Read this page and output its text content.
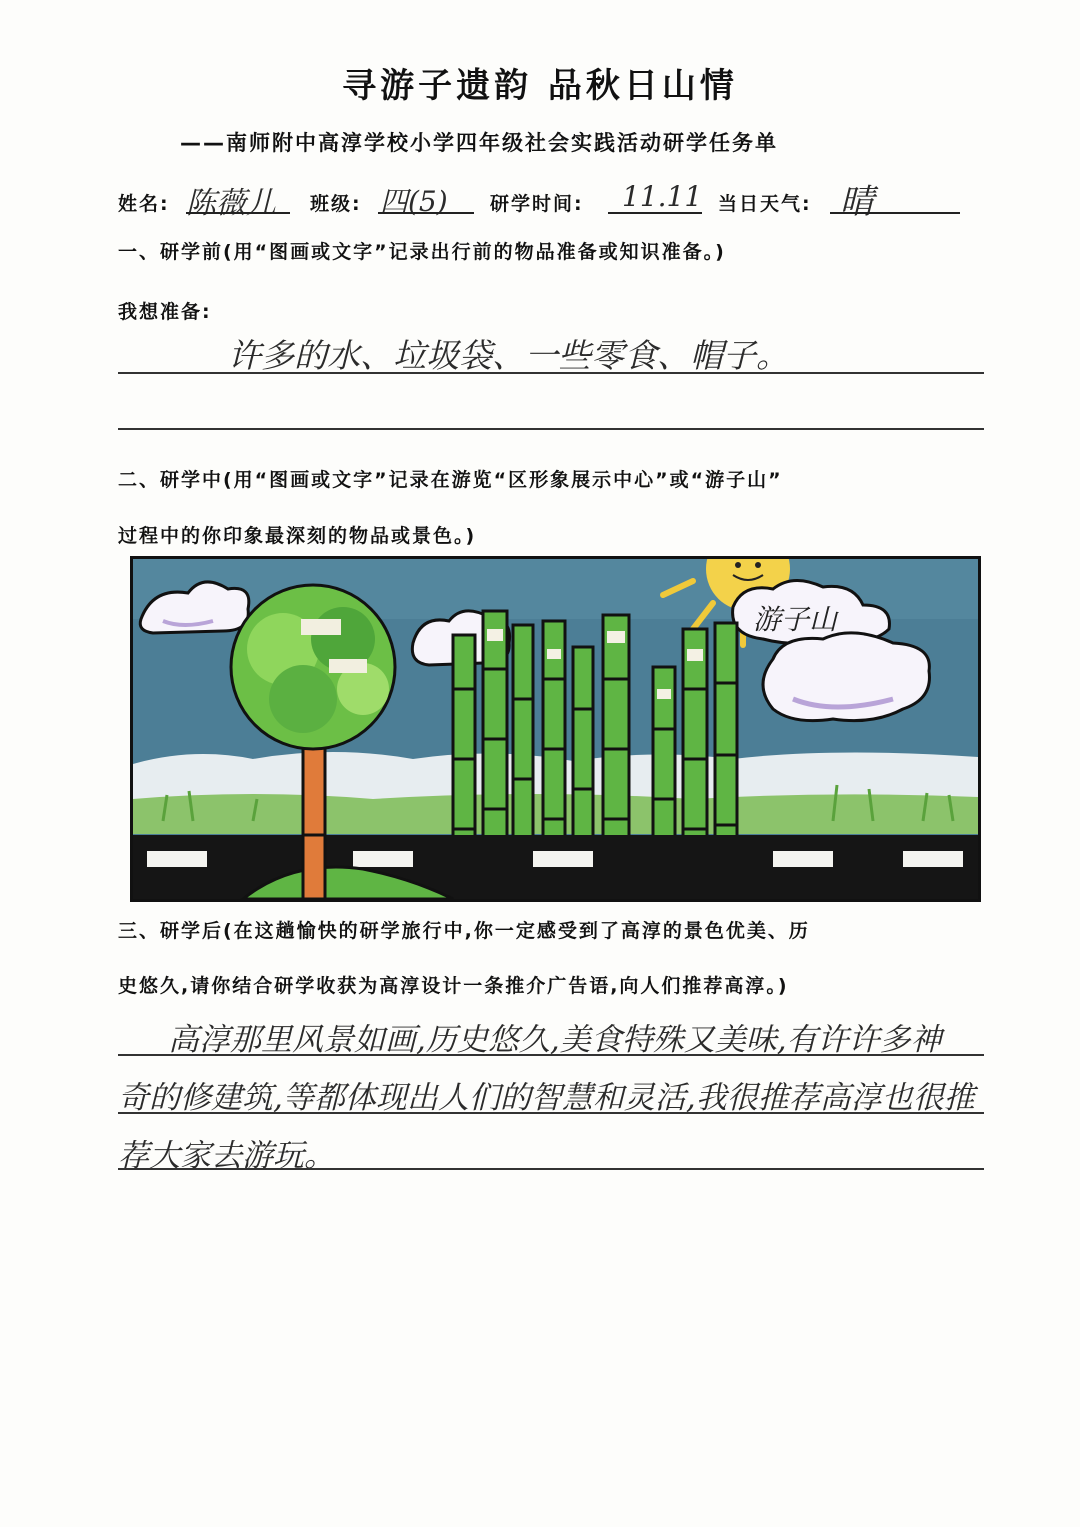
寻游子遗韵 品秋日山情
——南师附中高淳学校小学四年级社会实践活动研学任务单
姓名: 陈薇儿 班级: 四(5) 研学时间: 11.11 当日天气: 晴
一、研学前(用“图画或文字”记录出行前的物品准备或知识准备。)
我想准备:
许多的水、垃圾袋、一些零食、帽子。
二、研学中(用“图画或文字”记录在游览“区形象展示中心”或“游子山”
过程中的你印象最深刻的物品或景色。)
游子山
三、研学后(在这趟愉快的研学旅行中,你一定感受到了高淳的景色优美、历
史悠久,请你结合研学收获为高淳设计一条推介广告语,向人们推荐高淳。)
高淳那里风景如画,历史悠久,美食特殊又美味,有许许多神
奇的修建筑,等都体现出人们的智慧和灵活,我很推荐高淳也很推
荐大家去游玩。
